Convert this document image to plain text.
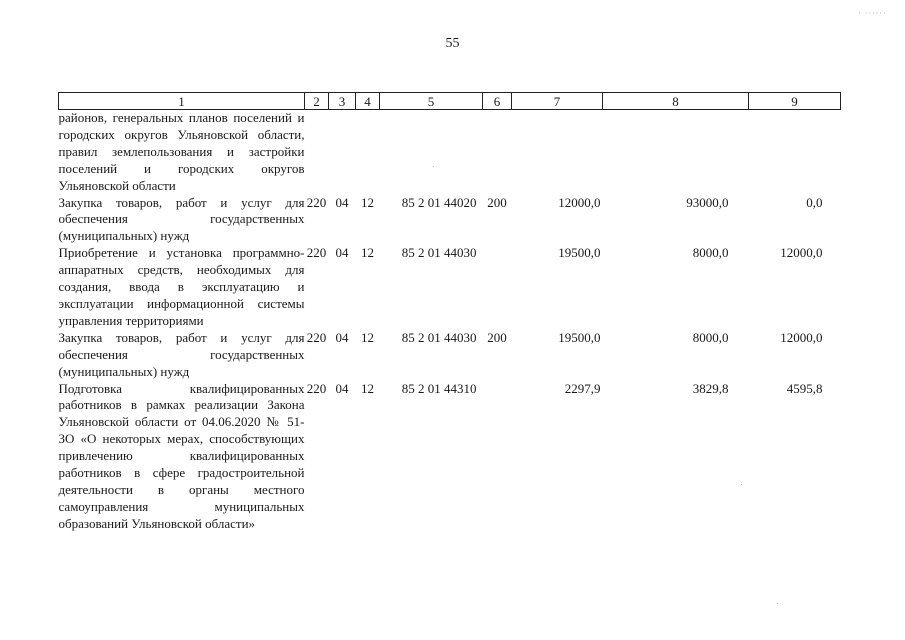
· ······
55
1	2	3	4	5	6	7	8	9
районов, генеральных планов поселений и городских округов Ульяновской области, правил землепользования и застройки поселений и городских округов Ульяновской области								
Закупка товаров, работ и услуг для обеспечения государственных (муниципальных) нужд	220	04	12	85 2 01 44020	200	12000,0	93000,0	0,0
Приобретение и установка программно-аппаратных средств, необходимых для создания, ввода в эксплуатацию и эксплуатации информационной системы управления территориями	220	04	12	85 2 01 44030		19500,0	8000,0	12000,0
Закупка товаров, работ и услуг для обеспечения государственных (муниципальных) нужд	220	04	12	85 2 01 44030	200	19500,0	8000,0	12000,0
Подготовка квалифицированных работников в рамках реализации Закона Ульяновской области от 04.06.2020 № 51-ЗО «О некоторых мерах, способствующих привлечению квалифицированных работников в сфере градостроительной деятельности в органы местного самоуправления муниципальных образований Ульяновской области»	220	04	12	85 2 01 44310		2297,9	3829,8	4595,8
